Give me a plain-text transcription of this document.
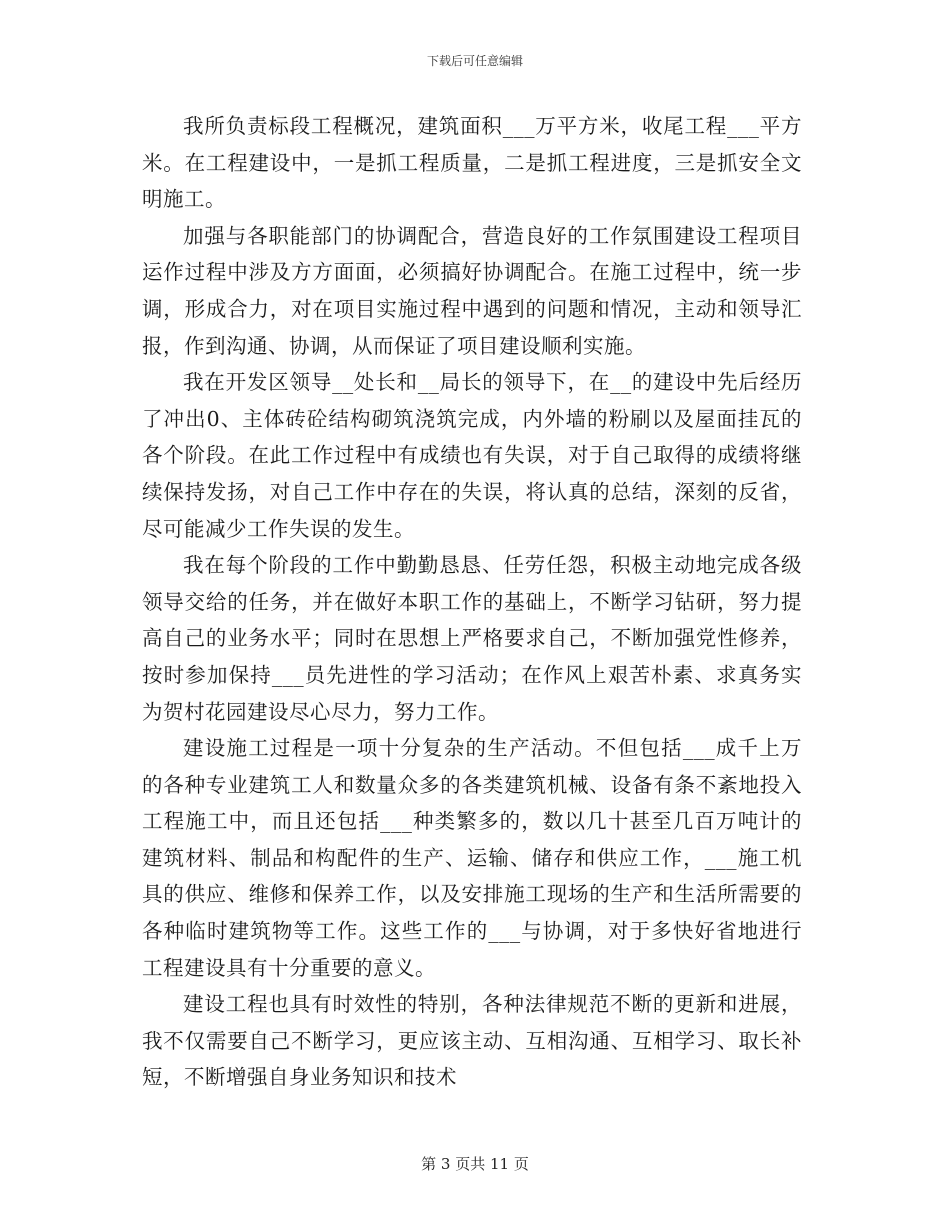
下载后可任意编辑

我所负责标段工程概况，建筑面积___万平方米，收尾工程___平方米。在工程建设中，一是抓工程质量，二是抓工程进度，三是抓安全文明施工。

加强与各职能部门的协调配合，营造良好的工作氛围建设工程项目运作过程中涉及方方面面，必须搞好协调配合。在施工过程中，统一步调，形成合力，对在项目实施过程中遇到的问题和情况，主动和领导汇报，作到沟通、协调，从而保证了项目建设顺利实施。

我在开发区领导__处长和__局长的领导下，在__的建设中先后经历了冲出0、主体砖砼结构砌筑浇筑完成，内外墙的粉刷以及屋面挂瓦的各个阶段。在此工作过程中有成绩也有失误，对于自己取得的成绩将继续保持发扬，对自己工作中存在的失误，将认真的总结，深刻的反省，尽可能减少工作失误的发生。

我在每个阶段的工作中勤勤恳恳、任劳任怨，积极主动地完成各级领导交给的任务，并在做好本职工作的基础上，不断学习钻研，努力提高自己的业务水平；同时在思想上严格要求自己，不断加强党性修养，按时参加保持___员先进性的学习活动；在作风上艰苦朴素、求真务实为贺村花园建设尽心尽力，努力工作。

建设施工过程是一项十分复杂的生产活动。不但包括___成千上万的各种专业建筑工人和数量众多的各类建筑机械、设备有条不紊地投入工程施工中，而且还包括___种类繁多的，数以几十甚至几百万吨计的建筑材料、制品和构配件的生产、运输、储存和供应工作，___施工机具的供应、维修和保养工作，以及安排施工现场的生产和生活所需要的各种临时建筑物等工作。这些工作的___与协调，对于多快好省地进行工程建设具有十分重要的意义。

建设工程也具有时效性的特别，各种法律规范不断的更新和进展，我不仅需要自己不断学习，更应该主动、互相沟通、互相学习、取长补短，不断增强自身业务知识和技术

第 3 页共 11 页
